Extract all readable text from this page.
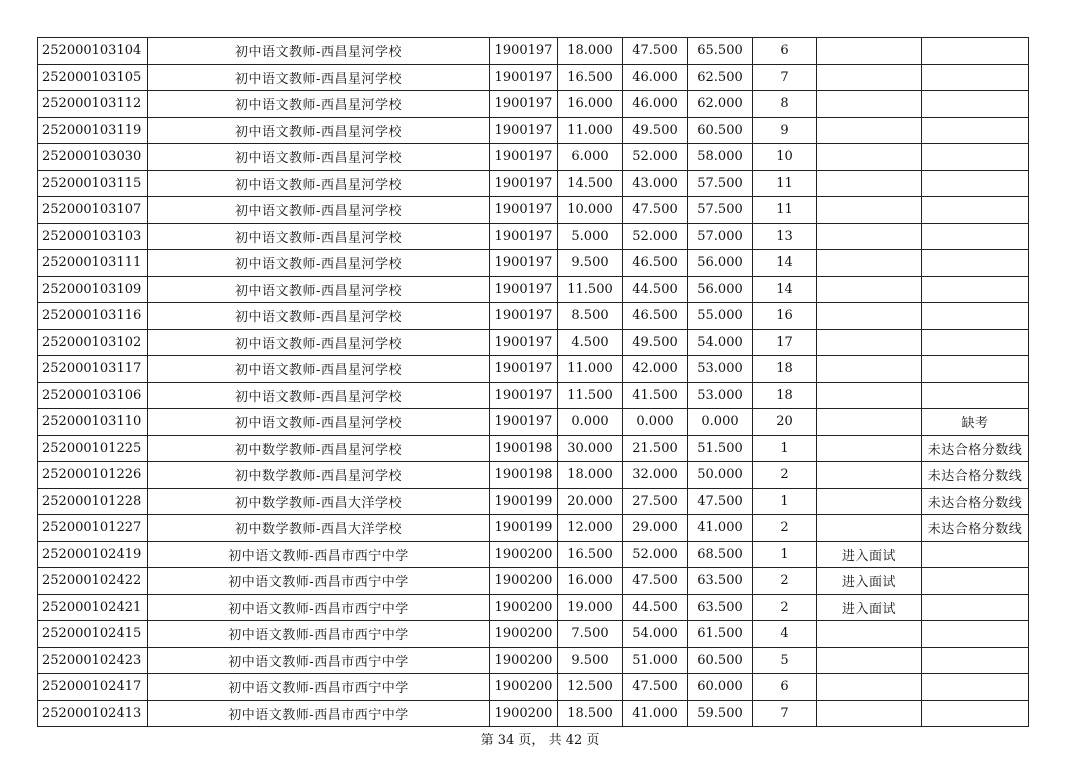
252000103104	初中语文教师-西昌星河学校	1900197	18.000	47.500	65.500	6		
252000103105	初中语文教师-西昌星河学校	1900197	16.500	46.000	62.500	7		
252000103112	初中语文教师-西昌星河学校	1900197	16.000	46.000	62.000	8		
252000103119	初中语文教师-西昌星河学校	1900197	11.000	49.500	60.500	9		
252000103030	初中语文教师-西昌星河学校	1900197	6.000	52.000	58.000	10		
252000103115	初中语文教师-西昌星河学校	1900197	14.500	43.000	57.500	11		
252000103107	初中语文教师-西昌星河学校	1900197	10.000	47.500	57.500	11		
252000103103	初中语文教师-西昌星河学校	1900197	5.000	52.000	57.000	13		
252000103111	初中语文教师-西昌星河学校	1900197	9.500	46.500	56.000	14		
252000103109	初中语文教师-西昌星河学校	1900197	11.500	44.500	56.000	14		
252000103116	初中语文教师-西昌星河学校	1900197	8.500	46.500	55.000	16		
252000103102	初中语文教师-西昌星河学校	1900197	4.500	49.500	54.000	17		
252000103117	初中语文教师-西昌星河学校	1900197	11.000	42.000	53.000	18		
252000103106	初中语文教师-西昌星河学校	1900197	11.500	41.500	53.000	18		
252000103110	初中语文教师-西昌星河学校	1900197	0.000	0.000	0.000	20		缺考
252000101225	初中数学教师-西昌星河学校	1900198	30.000	21.500	51.500	1		未达合格分数线
252000101226	初中数学教师-西昌星河学校	1900198	18.000	32.000	50.000	2		未达合格分数线
252000101228	初中数学教师-西昌大洋学校	1900199	20.000	27.500	47.500	1		未达合格分数线
252000101227	初中数学教师-西昌大洋学校	1900199	12.000	29.000	41.000	2		未达合格分数线
252000102419	初中语文教师-西昌市西宁中学	1900200	16.500	52.000	68.500	1	进入面试	
252000102422	初中语文教师-西昌市西宁中学	1900200	16.000	47.500	63.500	2	进入面试	
252000102421	初中语文教师-西昌市西宁中学	1900200	19.000	44.500	63.500	2	进入面试	
252000102415	初中语文教师-西昌市西宁中学	1900200	7.500	54.000	61.500	4		
252000102423	初中语文教师-西昌市西宁中学	1900200	9.500	51.000	60.500	5		
252000102417	初中语文教师-西昌市西宁中学	1900200	12.500	47.500	60.000	6		
252000102413	初中语文教师-西昌市西宁中学	1900200	18.500	41.000	59.500	7		
第 34 页， 共 42 页
